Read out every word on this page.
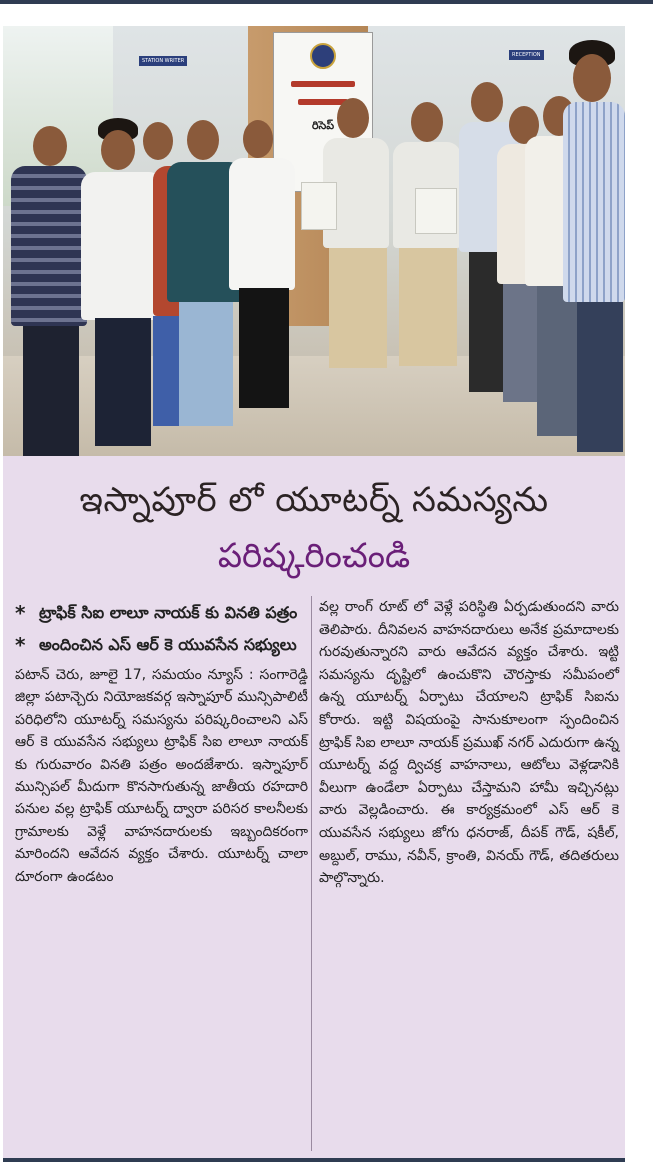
STATION WRITER
RECEPTION
రిసెప్
ఇస్నాపూర్ లో యూటర్న్ సమస్యను
పరిష్కరించండి
* ట్రాఫిక్ సిఐ లాలూ నాయక్ కు వినతి పత్రం
* అందించిన ఎస్ ఆర్ కె యువసేన సభ్యులు

పటాన్ చెరు, జూలై 17, సమయం న్యూస్ : సంగారెడ్డి జిల్లా పటాన్చెరు నియోజకవర్గ ఇస్నాపూర్ మున్సిపాలిటీ పరిధిలోని యూటర్న్ సమస్యను పరిష్కరించాలని ఎస్ ఆర్ కె యువసేన సభ్యులు ట్రాఫిక్ సిఐ లాలూ నాయక్ కు గురువారం వినతి పత్రం అందజేశారు. ఇస్నాపూర్ మున్సిపల్ మీదుగా కొనసాగుతున్న జాతీయ రహదారి పనుల వల్ల ట్రాఫిక్ యూటర్న్ ద్వారా పరిసర కాలనీలకు గ్రామాలకు వెళ్లే వాహనదారులకు ఇబ్బందికరంగా మారిందని ఆవేదన వ్యక్తం చేశారు. యూటర్న్ చాలా దూరంగా ఉండటం

వల్ల రాంగ్ రూట్ లో వెళ్లే పరిస్థితి ఏర్పడుతుందని వారు తెలిపారు. దీనివలన వాహనదారులు అనేక ప్రమాదాలకు గురవుతున్నారని వారు ఆవేదన వ్యక్తం చేశారు. ఇట్టి సమస్యను దృష్టిలో ఉంచుకొని చౌరస్తాకు సమీపంలో ఉన్న యూటర్న్ ఏర్పాటు చేయాలని ట్రాఫిక్ సిఐను కోరారు. ఇట్టి విషయంపై సానుకూలంగా స్పందించిన ట్రాఫిక్ సిఐ లాలూ నాయక్ ప్రముఖ్ నగర్ ఎదురుగా ఉన్న యూటర్న్ వద్ద ద్విచక్ర వాహనాలు, ఆటోలు వెళ్లడానికి వీలుగా ఉండేలా ఏర్పాటు చేస్తామని హామీ ఇచ్చినట్లు వారు వెల్లడించారు. ఈ కార్యక్రమంలో ఎస్ ఆర్ కె యువసేన సభ్యులు జోగు ధనరాజ్, దీపక్ గౌడ్, షకీల్, అబ్దుల్, రాము, నవీన్, క్రాంతి, వినయ్ గౌడ్, తదితరులు పాల్గొన్నారు.
